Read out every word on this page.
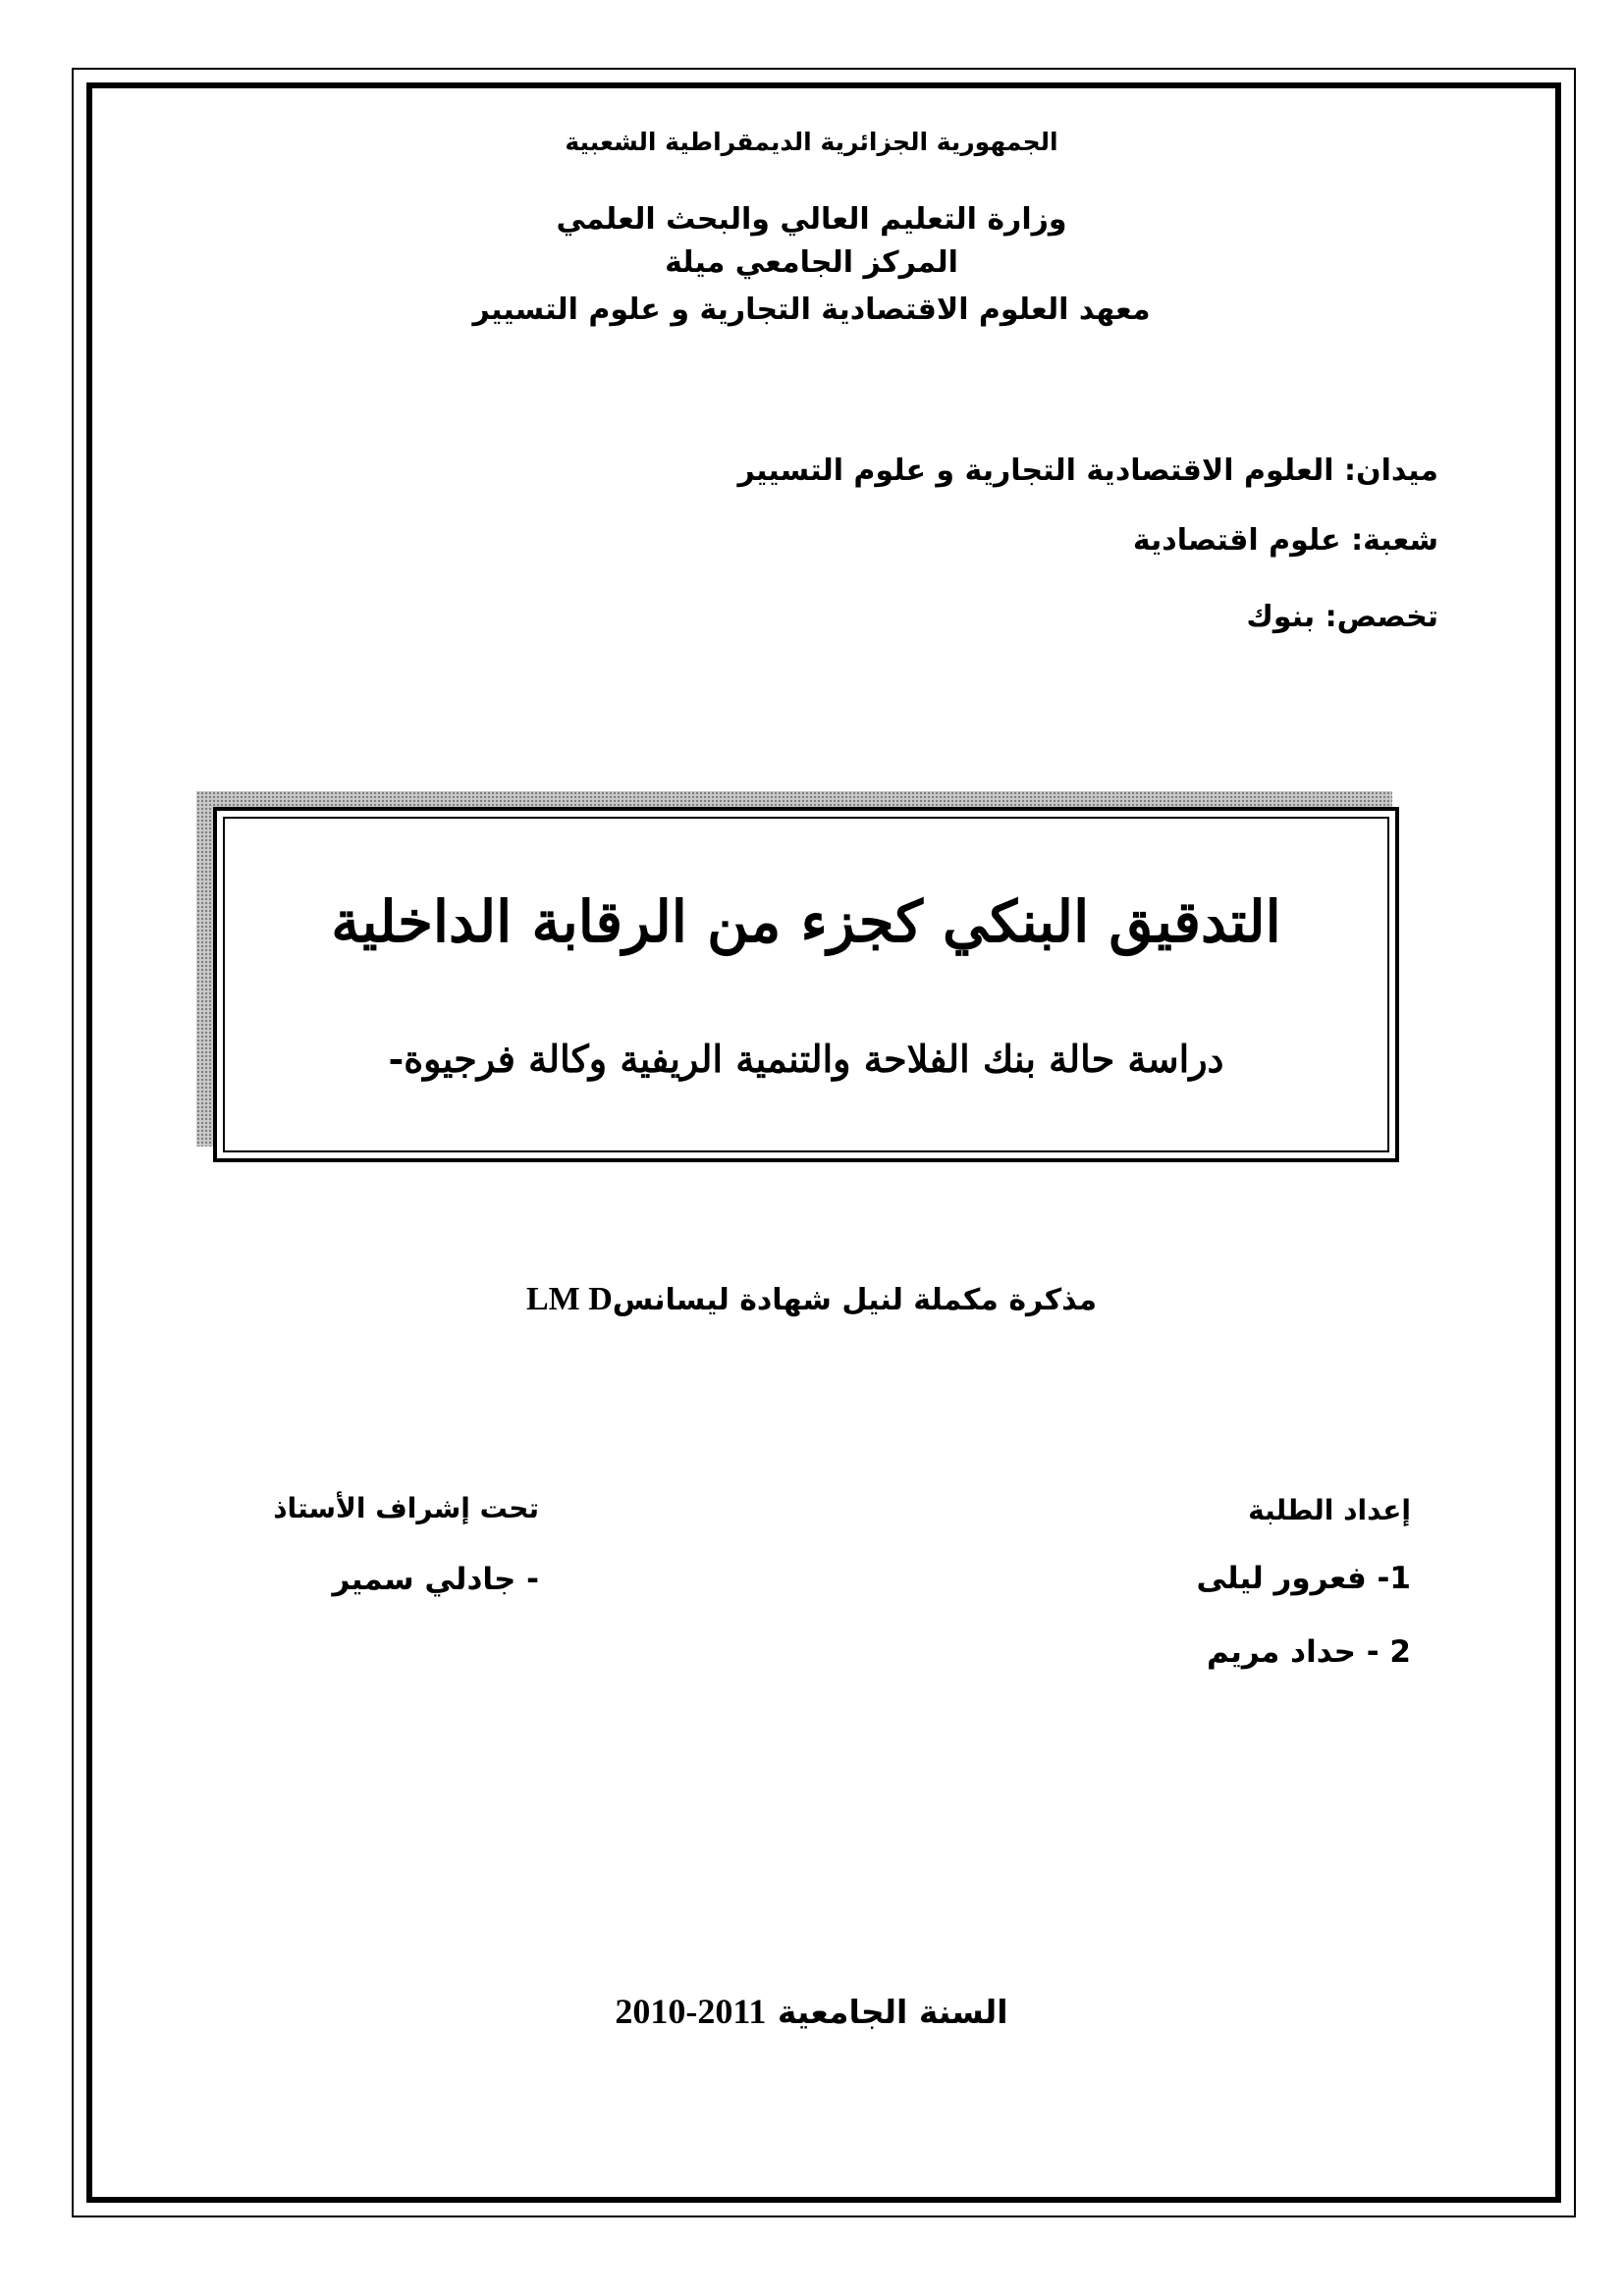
الجمهورية الجزائرية الديمقراطية الشعبية
وزارة التعليم العالي والبحث العلمي
المركز الجامعي ميلة
معهد العلوم الاقتصادية التجارية و علوم التسيير
ميدان: العلوم الاقتصادية التجارية و علوم التسيير
شعبة: علوم اقتصادية
تخصص: بنوك
التدقيق البنكي كجزء من الرقابة الداخلية
دراسة حالة بنك الفلاحة والتنمية الريفية وكالة فرجيوة-
مذكرة مكملة لنيل شهادة ليسانسLM D
إعداد الطلبة
1- فعرور ليلى
2 - حداد مريم
تحت إشراف الأستاذ
- جادلي سمير
السنة الجامعية 2010-2011
